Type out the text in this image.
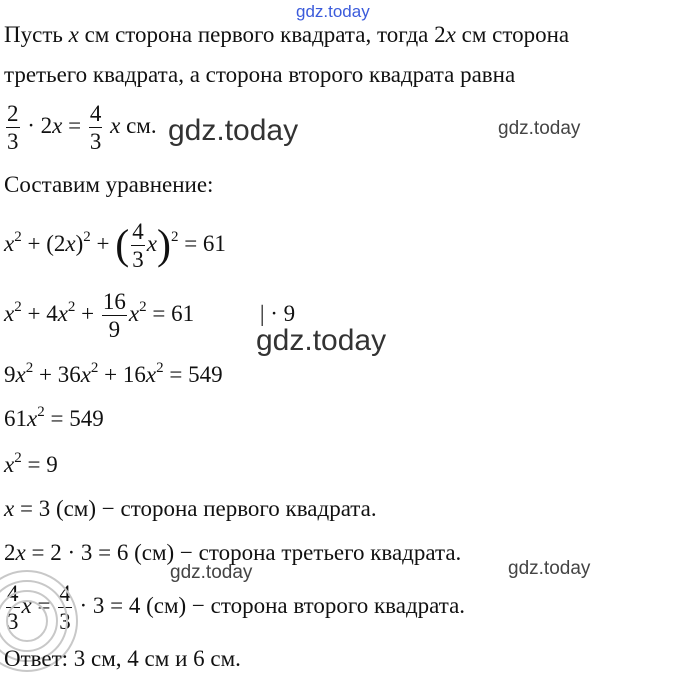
gdz.today
Пусть x см сторона первого квадрата, тогда 2x см сторона
третьего квадрата, а сторона второго квадрата равна
$\frac{2}{3} \cdot 2x = \frac{4}{3}$ x см. gdz.today	gdz.today
Составим уравнение:
$x^2 + (2x)^2$ + ( $\frac{4}{3} x)^2 = 61$
$x^2 + 4x^2 + \frac{16}{9} x^2 = 61$	| · 9
gdz.today
$9x^2 + 36x^2 + 16x^2 = 549$
$61x^2 = 549$
$x^2 = 9$
x = 3 (см) − сторона первого квадрата.
2x = 2 · 3 = 6 (см) − сторона третьего квадрата.
gdz.today	gdz.today
$\frac{4}{3}$ $x = \frac{4}{3} \cdot 3 = 4$ (см) − сторона второго квадрата.
Ответ: 3 см, 4 см и 6 см.
